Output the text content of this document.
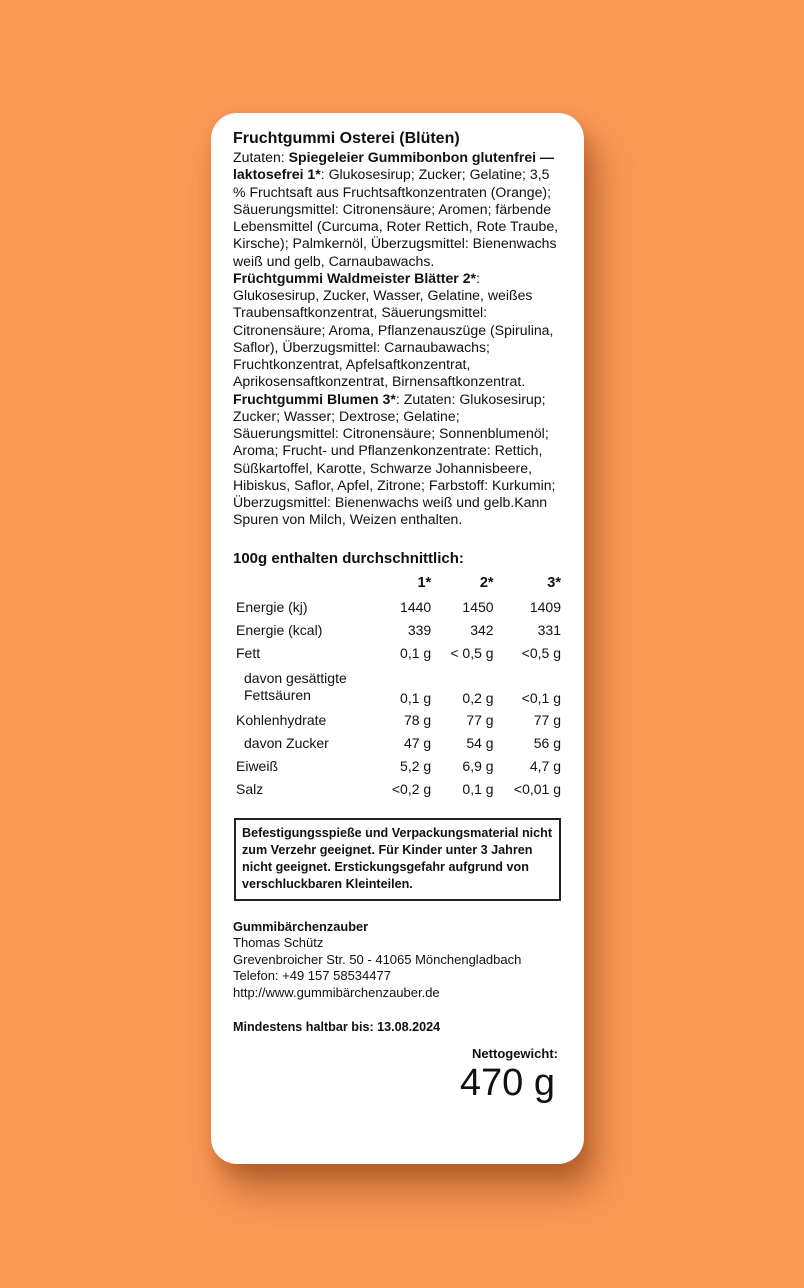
Fruchtgummi Osterei (Blüten)
Zutaten: Spiegeleier Gummibonbon glutenfrei — laktosefrei 1*: Glukosesirup; Zucker; Gelatine; 3,5 % Fruchtsaft aus Fruchtsaftkonzentraten (Orange); Säuerungsmittel: Citronensäure; Aromen; färbende Lebensmittel (Curcuma, Roter Rettich, Rote Traube, Kirsche); Palmkernöl, Überzugsmittel: Bienenwachs weiß und gelb, Carnaubawachs.
Früchtgummi Waldmeister Blätter 2*: Glukosesirup, Zucker, Wasser, Gelatine, weißes Traubensaftkonzentrat, Säuerungsmittel: Citronensäure; Aroma, Pflanzenauszüge (Spirulina, Saflor), Überzugsmittel: Carnaubawachs; Fruchtkonzentrat, Apfelsaftkonzentrat, Aprikosensaftkonzentrat, Birnensaftkonzentrat.
Fruchtgummi Blumen 3*: Zutaten: Glukosesirup; Zucker; Wasser; Dextrose; Gelatine; Säuerungsmittel: Citronensäure; Sonnenblumenöl; Aroma; Frucht- und Pflanzenkonzentrate: Rettich, Süßkartoffel, Karotte, Schwarze Johannisbeere, Hibiskus, Saflor, Apfel, Zitrone; Farbstoff: Kurkumin; Überzugsmittel: Bienenwachs weiß und gelb.Kann Spuren von Milch, Weizen enthalten.
100g enthalten durchschnittlich:
	1*	2*	3*
Energie (kj)	1440	1450	1409
Energie (kcal)	339	342	331
Fett	0,1 g	< 0,5 g	<0,5 g
davon gesättigte
Fettsäuren	0,1 g	0,2 g	<0,1 g
Kohlenhydrate	78 g	77 g	77 g
davon Zucker	47 g	54 g	56 g
Eiweiß	5,2 g	6,9 g	4,7 g
Salz	<0,2 g	0,1 g	<0,01 g
Befestigungsspieße und Verpackungsmaterial nicht zum Verzehr geeignet. Für Kinder unter 3 Jahren nicht geeignet. Erstickungsgefahr aufgrund von verschluckbaren Kleinteilen.
Gummibärchenzauber
Thomas Schütz
Grevenbroicher Str. 50 - 41065 Mönchengladbach
Telefon: +49 157 58534477
http://www.gummibärchenzauber.de
Mindestens haltbar bis: 13.08.2024
Nettogewicht:
470 g
